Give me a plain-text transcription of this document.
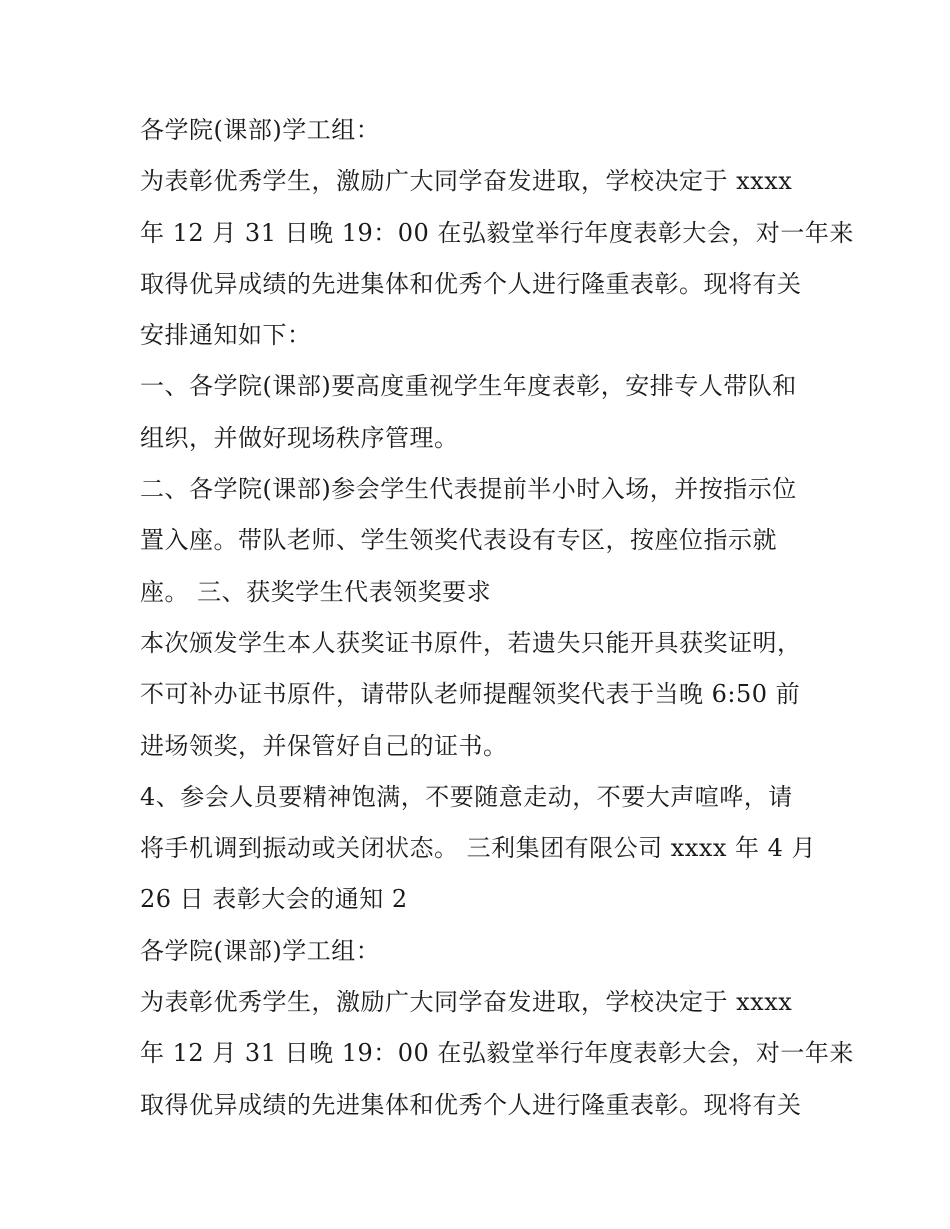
各学院(课部)学工组：
为表彰优秀学生，激励广大同学奋发进取，学校决定于 xxxx
年 12 月 31 日晚 19：00 在弘毅堂举行年度表彰大会，对一年来
取得优异成绩的先进集体和优秀个人进行隆重表彰。现将有关
安排通知如下：
一、各学院(课部)要高度重视学生年度表彰，安排专人带队和
组织，并做好现场秩序管理。
二、各学院(课部)参会学生代表提前半小时入场，并按指示位
置入座。带队老师、学生领奖代表设有专区，按座位指示就
座。 三、获奖学生代表领奖要求
本次颁发学生本人获奖证书原件，若遗失只能开具获奖证明，
不可补办证书原件，请带队老师提醒领奖代表于当晚 6:50 前
进场领奖，并保管好自己的证书。
4、参会人员要精神饱满，不要随意走动，不要大声喧哗，请
将手机调到振动或关闭状态。 三利集团有限公司 xxxx 年 4 月
26 日 表彰大会的通知 2
各学院(课部)学工组：
为表彰优秀学生，激励广大同学奋发进取，学校决定于 xxxx
年 12 月 31 日晚 19：00 在弘毅堂举行年度表彰大会，对一年来
取得优异成绩的先进集体和优秀个人进行隆重表彰。现将有关
